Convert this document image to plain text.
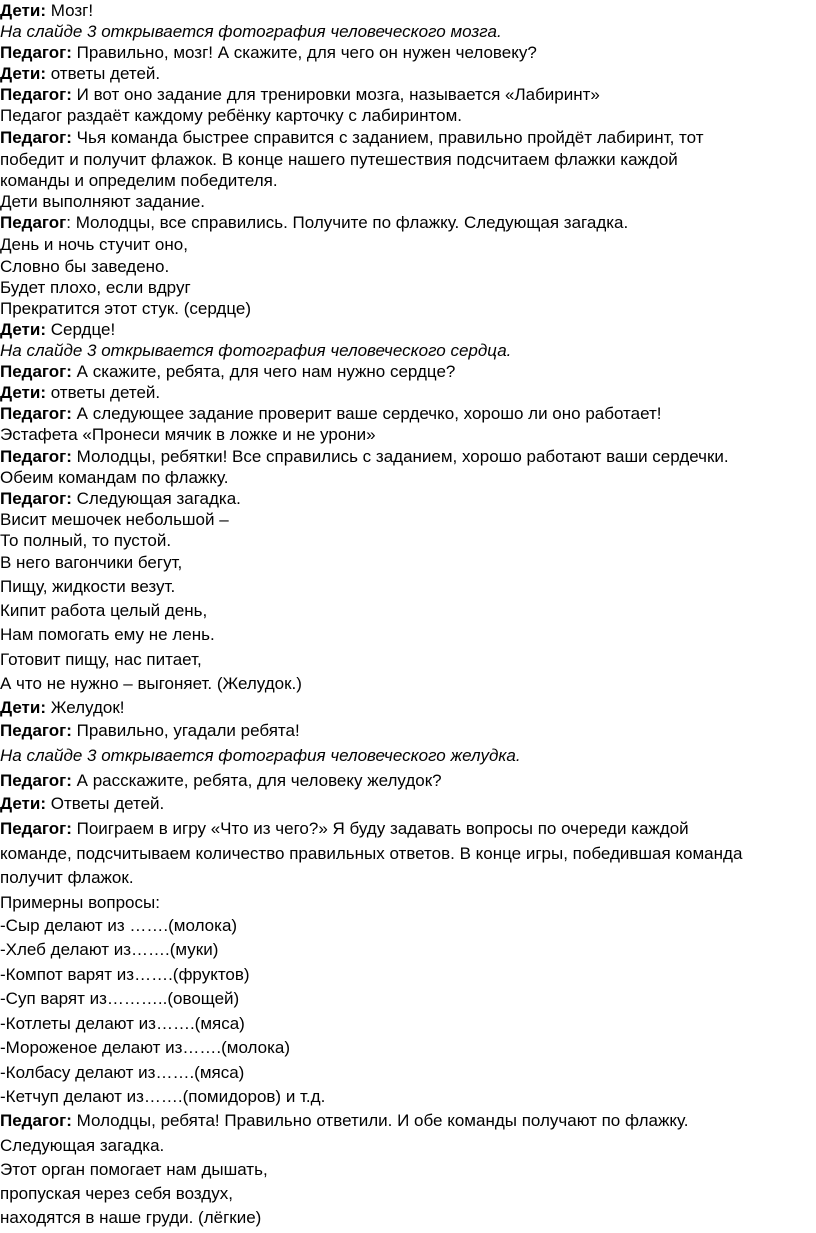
Дети: Мозг!
На слайде 3 открывается фотография человеческого мозга.
Педагог: Правильно, мозг! А скажите, для чего он нужен человеку?
Дети: ответы детей.
Педагог: И вот оно задание для тренировки мозга, называется «Лабиринт»
Педагог раздаёт каждому ребёнку карточку с лабиринтом.
Педагог: Чья команда быстрее справится с заданием, правильно пройдёт лабиринт, тот
победит и получит флажок. В конце нашего путешествия подсчитаем флажки каждой
команды и определим победителя.
Дети выполняют задание.
Педагог: Молодцы, все справились. Получите по флажку. Следующая загадка.
День и ночь стучит оно,
Словно бы заведено.
Будет плохо, если вдруг
Прекратится этот стук. (сердце)
Дети: Сердце!
На слайде 3 открывается фотография человеческого сердца.
Педагог: А скажите, ребята, для чего нам нужно сердце?
Дети: ответы детей.
Педагог: А следующее задание проверит ваше сердечко, хорошо ли оно работает!
Эстафета «Пронеси мячик в ложке и не урони»
Педагог: Молодцы, ребятки! Все справились с заданием, хорошо работают ваши сердечки.
Обеим командам по флажку.
Педагог: Следующая загадка.
Висит мешочек небольшой –
То полный, то пустой.
В него вагончики бегут,
Пищу, жидкости везут.
Кипит работа целый день,
Нам помогать ему не лень.
Готовит пищу, нас питает,
А что не нужно – выгоняет. (Желудок.)
Дети: Желудок!
Педагог: Правильно, угадали ребята!
На слайде 3 открывается фотография человеческого желудка.
Педагог: А расскажите, ребята, для человеку желудок?
Дети: Ответы детей.
Педагог: Поиграем в игру «Что из чего?» Я буду задавать вопросы по очереди каждой
команде, подсчитываем количество правильных ответов. В конце игры, победившая команда
получит флажок.
Примерны вопросы:
-Сыр делают из …….(молока)
-Хлеб делают из…….(муки)
-Компот варят из…….(фруктов)
-Суп варят из………..(овощей)
-Котлеты делают из…….(мяса)
-Мороженое делают из…….(молока)
-Колбасу делают из…….(мяса)
-Кетчуп делают из…….(помидоров) и т.д.
Педагог: Молодцы, ребята! Правильно ответили. И обе команды получают по флажку.
Следующая загадка.
Этот орган помогает нам дышать,
пропуская через себя воздух,
находятся в наше груди. (лёгкие)
